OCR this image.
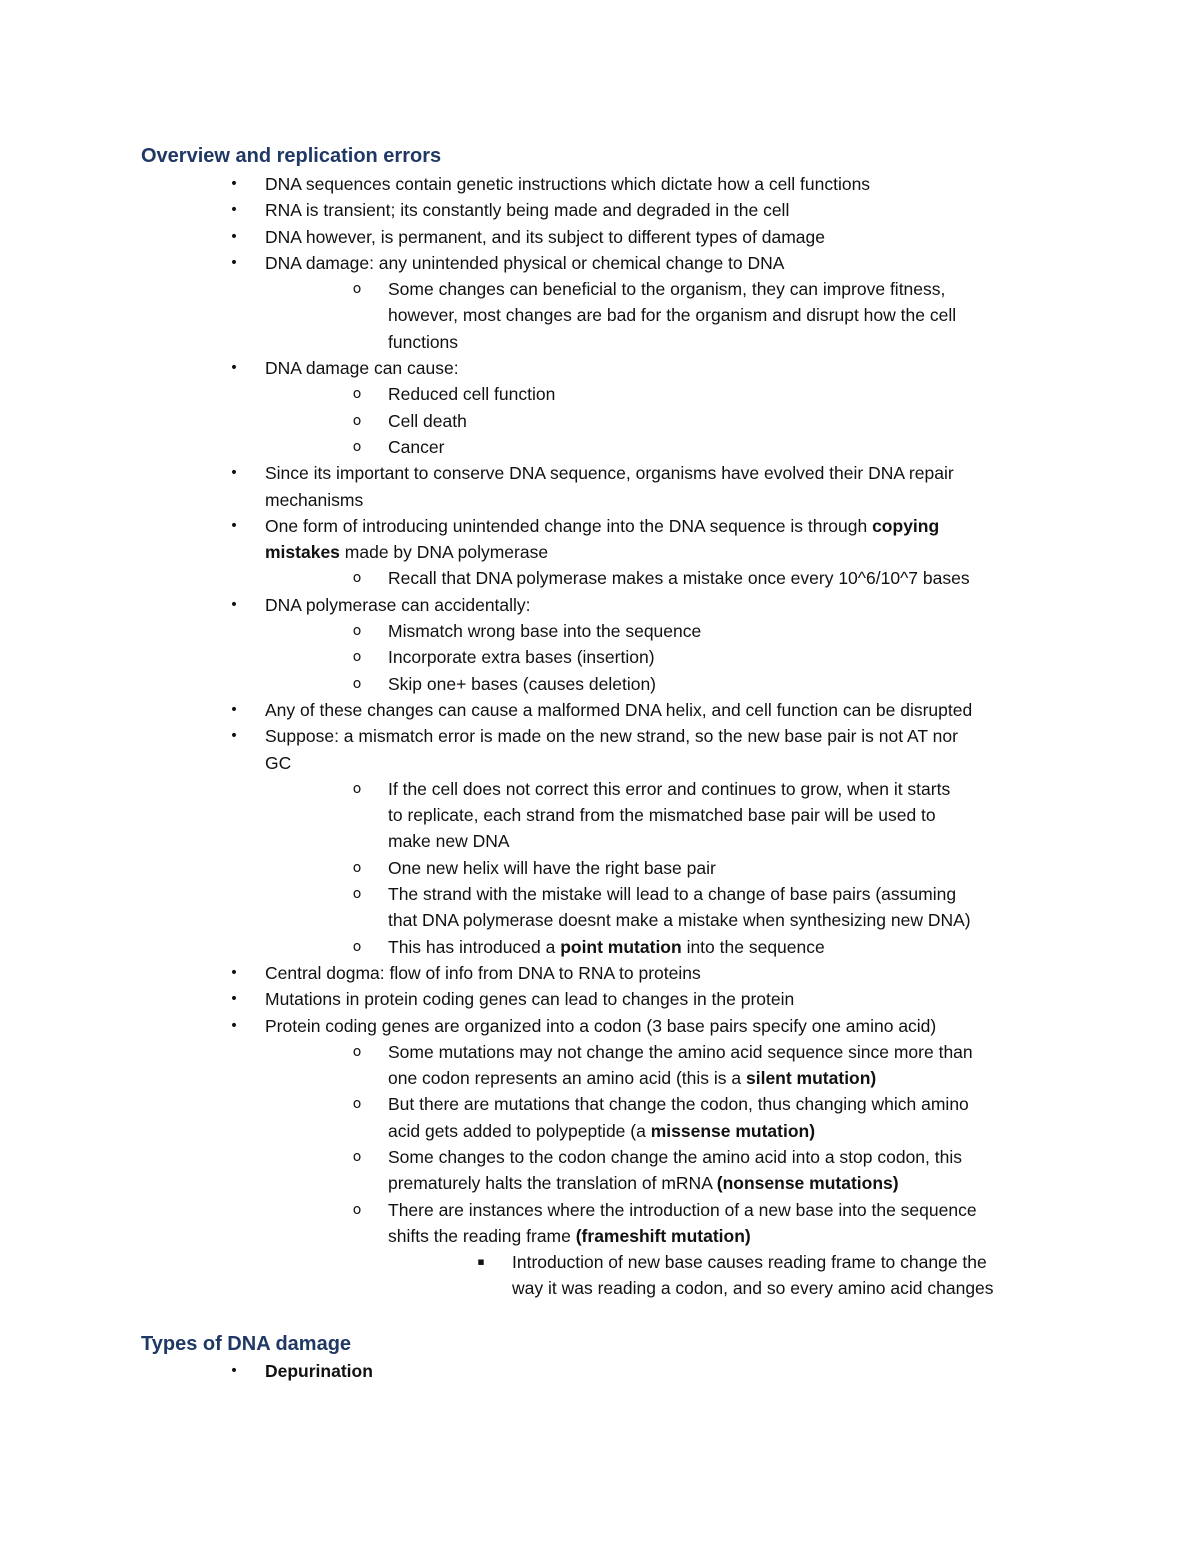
Overview and replication errors
•	DNA sequences contain genetic instructions which dictate how a cell functions
•	RNA is transient; its constantly being made and degraded in the cell
•	DNA however, is permanent, and its subject to different types of damage
•	DNA damage: any unintended physical or chemical change to DNA
o	Some changes can beneficial to the organism, they can improve fitness,
however, most changes are bad for the organism and disrupt how the cell
functions
•	DNA damage can cause:
o	Reduced cell function
o	Cell death
o	Cancer
•	Since its important to conserve DNA sequence, organisms have evolved their DNA repair
mechanisms
•	One form of introducing unintended change into the DNA sequence is through copying
mistakes made by DNA polymerase
o	Recall that DNA polymerase makes a mistake once every 10^6/10^7 bases
•	DNA polymerase can accidentally:
o	Mismatch wrong base into the sequence
o	Incorporate extra bases (insertion)
o	Skip one+ bases (causes deletion)
•	Any of these changes can cause a malformed DNA helix, and cell function can be disrupted
•	Suppose: a mismatch error is made on the new strand, so the new base pair is not AT nor
GC
o	If the cell does not correct this error and continues to grow, when it starts
to replicate, each strand from the mismatched base pair will be used to
make new DNA
o	One new helix will have the right base pair
o	The strand with the mistake will lead to a change of base pairs (assuming
that DNA polymerase doesnt make a mistake when synthesizing new DNA)
o	This has introduced a point mutation into the sequence
•	Central dogma: flow of info from DNA to RNA to proteins
•	Mutations in protein coding genes can lead to changes in the protein
•	Protein coding genes are organized into a codon (3 base pairs specify one amino acid)
o	Some mutations may not change the amino acid sequence since more than
one codon represents an amino acid (this is a silent mutation)
o	But there are mutations that change the codon, thus changing which amino
acid gets added to polypeptide (a missense mutation)
o	Some changes to the codon change the amino acid into a stop codon, this
prematurely halts the translation of mRNA (nonsense mutations)
o	There are instances where the introduction of a new base into the sequence
shifts the reading frame (frameshift mutation)
▪	Introduction of new base causes reading frame to change the
way it was reading a codon, and so every amino acid changes
Types of DNA damage
•	Depurination
